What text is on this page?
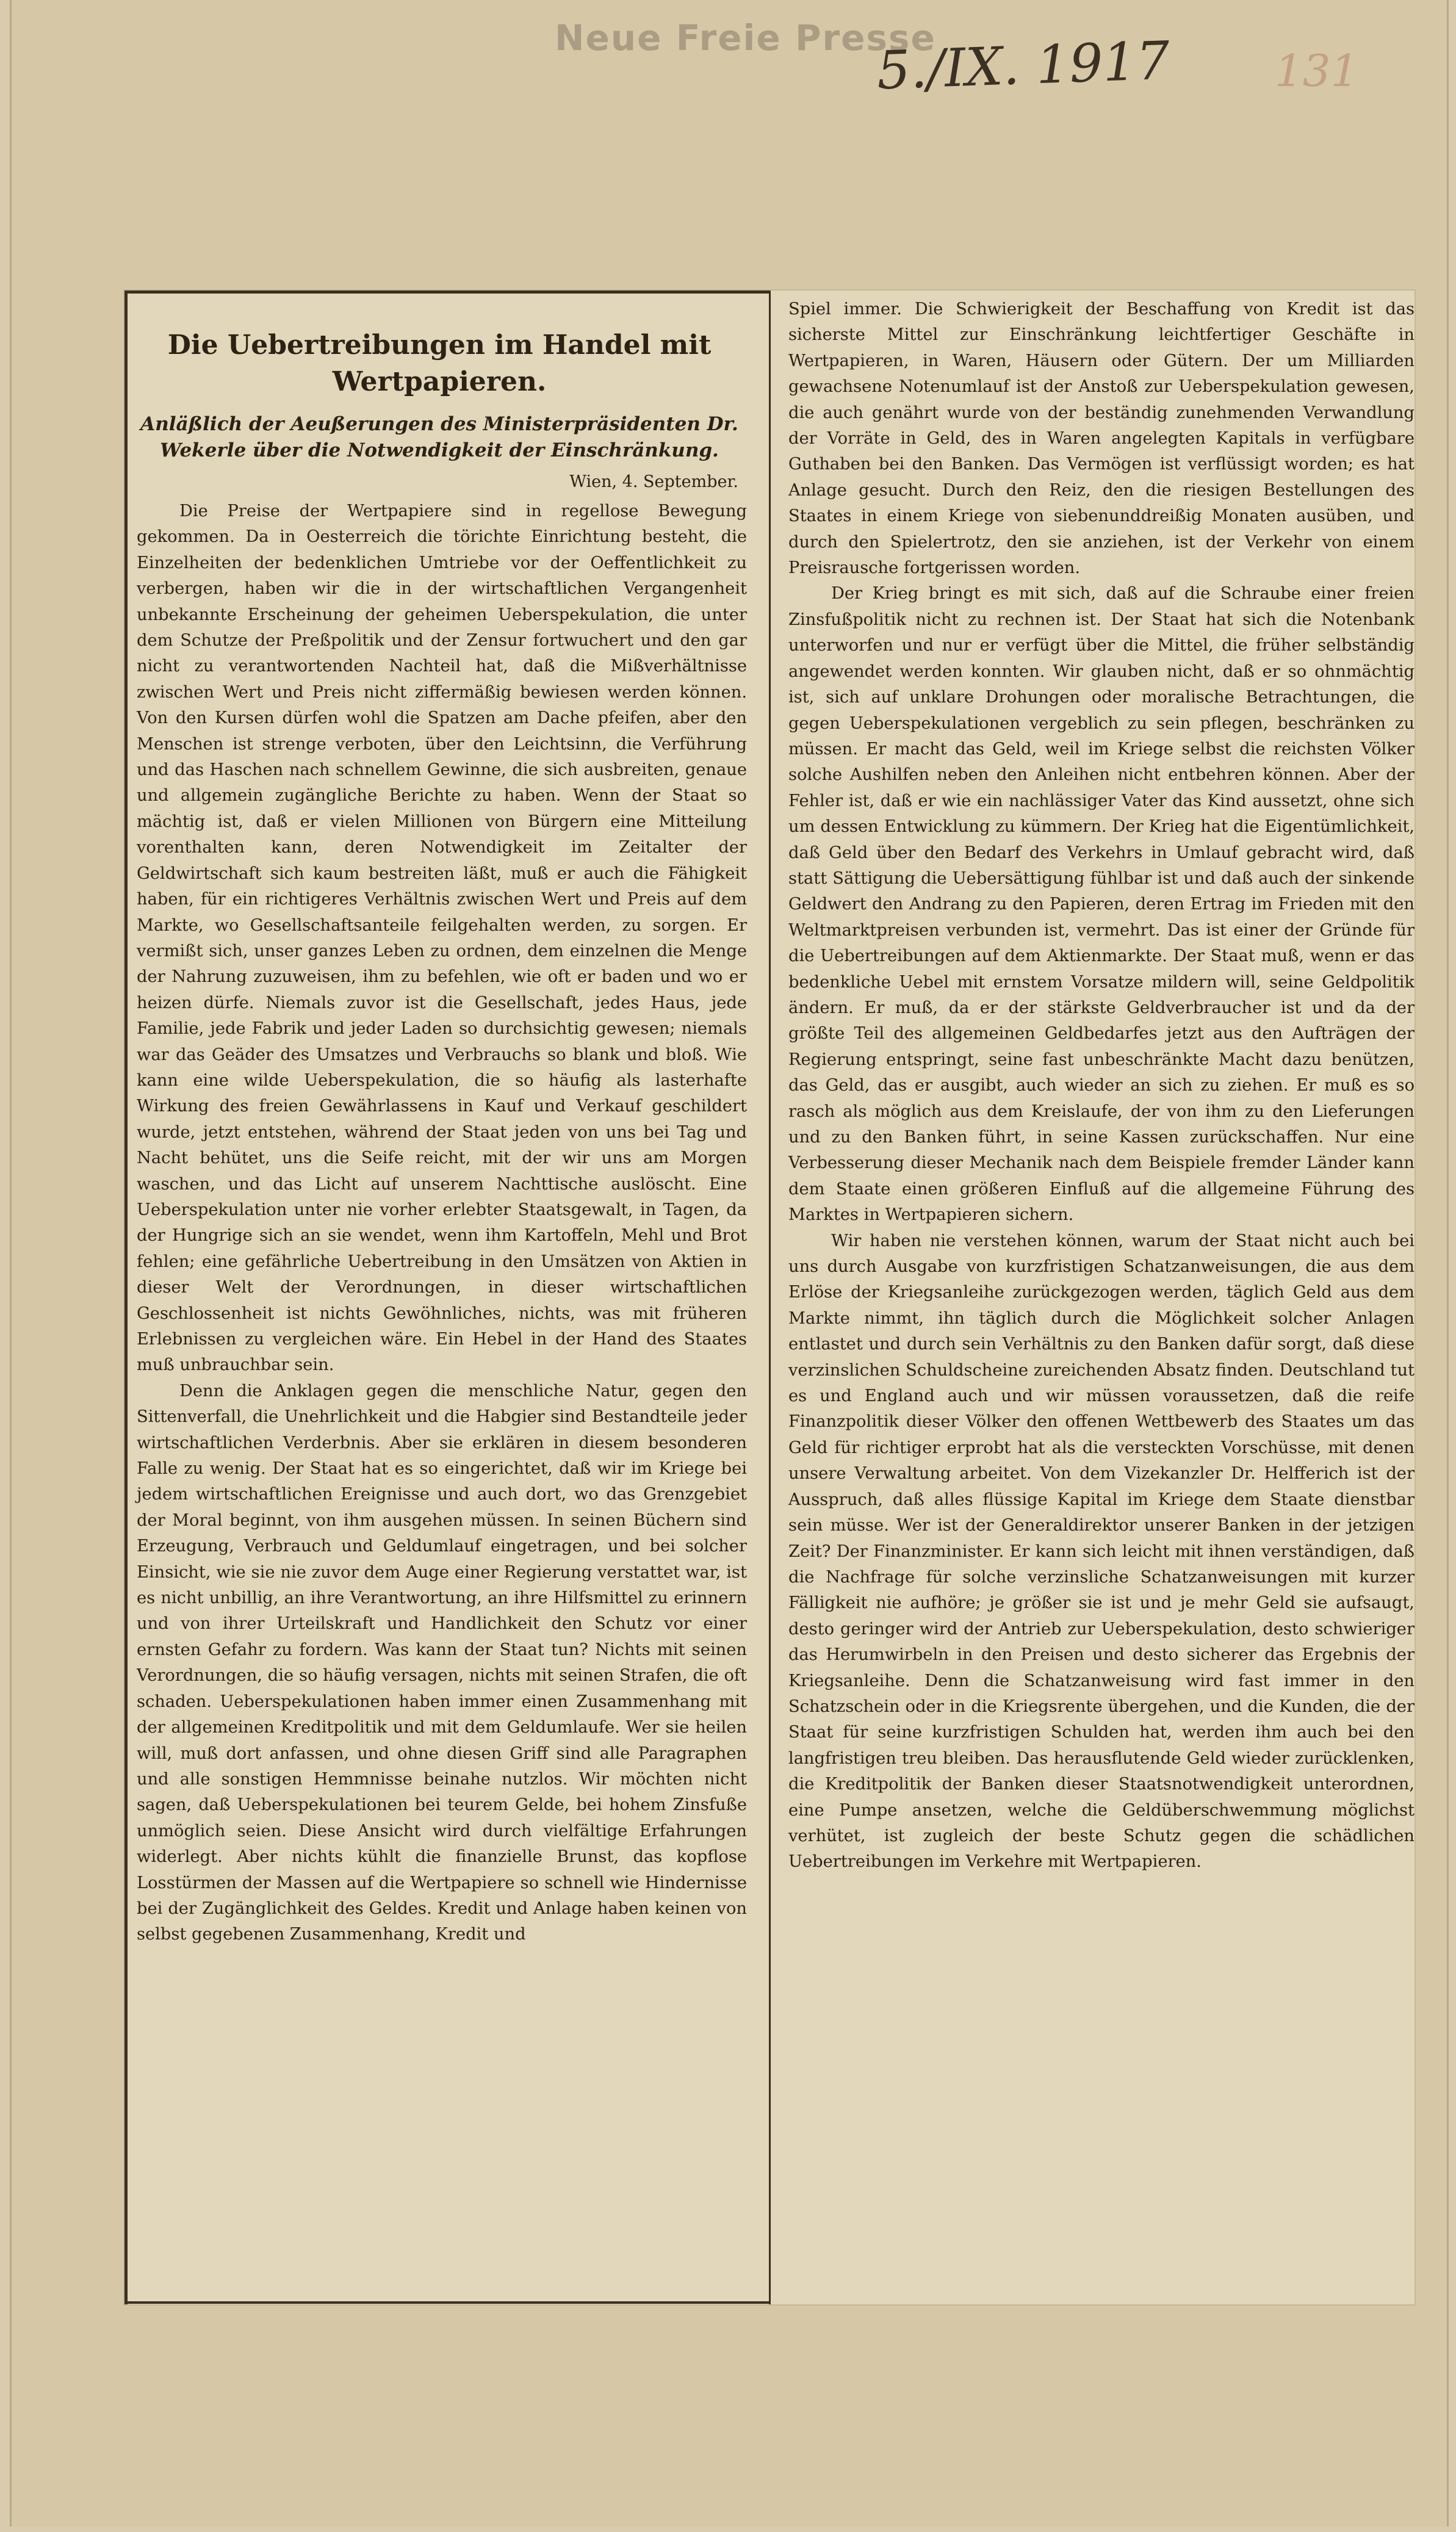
Neue Freie Presse
5./IX. 1917 131
Die Uebertreibungen im Handel mit Wertpapieren.
Anläßlich der Aeußerungen des Ministerpräsidenten Dr. Wekerle über die Notwendigkeit der Einschränkung.
Wien, 4. September.

Die Preise der Wertpapiere sind in regellose Bewegung gekommen. Da in Oesterreich die törichte Einrichtung besteht, die Einzelheiten der bedenklichen Umtriebe vor der Oeffentlichkeit zu verbergen, haben wir die in der wirtschaftlichen Vergangenheit unbekannte Erscheinung der geheimen Ueberspekulation, die unter dem Schutze der Preßpolitik und der Zensur fortwuchert und den gar nicht zu verantwortenden Nachteil hat, daß die Mißverhältnisse zwischen Wert und Preis nicht ziffermäßig bewiesen werden können. Von den Kursen dürfen wohl die Spatzen am Dache pfeifen, aber den Menschen ist strenge verboten, über den Leichtsinn, die Verführung und das Haschen nach schnellem Gewinne, die sich ausbreiten, genaue und allgemein zugängliche Berichte zu haben. Wenn der Staat so mächtig ist, daß er vielen Millionen von Bürgern eine Mitteilung vorenthalten kann, deren Notwendigkeit im Zeitalter der Geldwirtschaft sich kaum bestreiten läßt, muß er auch die Fähigkeit haben, für ein richtigeres Verhältnis zwischen Wert und Preis auf dem Markte, wo Gesellschaftsanteile feilgehalten werden, zu sorgen. Er vermißt sich, unser ganzes Leben zu ordnen, dem einzelnen die Menge der Nahrung zuzuweisen, ihm zu befehlen, wie oft er baden und wo er heizen dürfe. Niemals zuvor ist die Gesellschaft, jedes Haus, jede Familie, jede Fabrik und jeder Laden so durchsichtig gewesen; niemals war das Geäder des Umsatzes und Verbrauchs so blank und bloß. Wie kann eine wilde Ueberspekulation, die so häufig als lasterhafte Wirkung des freien Gewährlassens in Kauf und Verkauf geschildert wurde, jetzt entstehen, während der Staat jeden von uns bei Tag und Nacht behütet, uns die Seife reicht, mit der wir uns am Morgen waschen, und das Licht auf unserem Nachttische auslöscht. Eine Ueberspekulation unter nie vorher erlebter Staatsgewalt, in Tagen, da der Hungrige sich an sie wendet, wenn ihm Kartoffeln, Mehl und Brot fehlen; eine gefährliche Uebertreibung in den Umsätzen von Aktien in dieser Welt der Verordnungen, in dieser wirtschaftlichen Geschlossenheit ist nichts Gewöhnliches, nichts, was mit früheren Erlebnissen zu vergleichen wäre. Ein Hebel in der Hand des Staates muß unbrauchbar sein.

Denn die Anklagen gegen die menschliche Natur, gegen den Sittenverfall, die Unehrlichkeit und die Habgier sind Bestandteile jeder wirtschaftlichen Verderbnis. Aber sie erklären in diesem besonderen Falle zu wenig. Der Staat hat es so eingerichtet, daß wir im Kriege bei jedem wirtschaftlichen Ereignisse und auch dort, wo das Grenzgebiet der Moral beginnt, von ihm ausgehen müssen. In seinen Büchern sind Erzeugung, Verbrauch und Geldumlauf eingetragen, und bei solcher Einsicht, wie sie nie zuvor dem Auge einer Regierung verstattet war, ist es nicht unbillig, an ihre Verantwortung, an ihre Hilfsmittel zu erinnern und von ihrer Urteilskraft und Handlichkeit den Schutz vor einer ernsten Gefahr zu fordern. Was kann der Staat tun? Nichts mit seinen Verordnungen, die so häufig versagen, nichts mit seinen Strafen, die oft schaden. Ueberspekulationen haben immer einen Zusammenhang mit der allgemeinen Kreditpolitik und mit dem Geldumlaufe. Wer sie heilen will, muß dort anfassen, und ohne diesen Griff sind alle Paragraphen und alle sonstigen Hemmnisse beinahe nutzlos. Wir möchten nicht sagen, daß Ueberspekulationen bei teurem Gelde, bei hohem Zinsfuße unmöglich seien. Diese Ansicht wird durch vielfältige Erfahrungen widerlegt. Aber nichts kühlt die finanzielle Brunst, das kopflose Losstürmen der Massen auf die Wertpapiere so schnell wie Hindernisse bei der Zugänglichkeit des Geldes. Kredit und Anlage haben keinen von selbst gegebenen Zusammenhang, Kredit und

Spiel immer. Die Schwierigkeit der Beschaffung von Kredit ist das sicherste Mittel zur Einschränkung leichtfertiger Geschäfte in Wertpapieren, in Waren, Häusern oder Gütern. Der um Milliarden gewachsene Notenumlauf ist der Anstoß zur Ueberspekulation gewesen, die auch genährt wurde von der beständig zunehmenden Verwandlung der Vorräte in Geld, des in Waren angelegten Kapitals in verfügbare Guthaben bei den Banken. Das Vermögen ist verflüssigt worden; es hat Anlage gesucht. Durch den Reiz, den die riesigen Bestellungen des Staates in einem Kriege von siebenunddreißig Monaten ausüben, und durch den Spielertrotz, den sie anziehen, ist der Verkehr von einem Preisrausche fortgerissen worden.

Der Krieg bringt es mit sich, daß auf die Schraube einer freien Zinsfußpolitik nicht zu rechnen ist. Der Staat hat sich die Notenbank unterworfen und nur er verfügt über die Mittel, die früher selbständig angewendet werden konnten. Wir glauben nicht, daß er so ohnmächtig ist, sich auf unklare Drohungen oder moralische Betrachtungen, die gegen Ueberspekulationen vergeblich zu sein pflegen, beschränken zu müssen. Er macht das Geld, weil im Kriege selbst die reichsten Völker solche Aushilfen neben den Anleihen nicht entbehren können. Aber der Fehler ist, daß er wie ein nachlässiger Vater das Kind aussetzt, ohne sich um dessen Entwicklung zu kümmern. Der Krieg hat die Eigentümlichkeit, daß Geld über den Bedarf des Verkehrs in Umlauf gebracht wird, daß statt Sättigung die Uebersättigung fühlbar ist und daß auch der sinkende Geldwert den Andrang zu den Papieren, deren Ertrag im Frieden mit den Weltmarktpreisen verbunden ist, vermehrt. Das ist einer der Gründe für die Uebertreibungen auf dem Aktienmarkte. Der Staat muß, wenn er das bedenkliche Uebel mit ernstem Vorsatze mildern will, seine Geldpolitik ändern. Er muß, da er der stärkste Geldverbraucher ist und da der größte Teil des allgemeinen Geldbedarfes jetzt aus den Aufträgen der Regierung entspringt, seine fast unbeschränkte Macht dazu benützen, das Geld, das er ausgibt, auch wieder an sich zu ziehen. Er muß es so rasch als möglich aus dem Kreislaufe, der von ihm zu den Lieferungen und zu den Banken führt, in seine Kassen zurückschaffen. Nur eine Verbesserung dieser Mechanik nach dem Beispiele fremder Länder kann dem Staate einen größeren Einfluß auf die allgemeine Führung des Marktes in Wertpapieren sichern.

Wir haben nie verstehen können, warum der Staat nicht auch bei uns durch Ausgabe von kurzfristigen Schatzanweisungen, die aus dem Erlöse der Kriegsanleihe zurückgezogen werden, täglich Geld aus dem Markte nimmt, ihn täglich durch die Möglichkeit solcher Anlagen entlastet und durch sein Verhältnis zu den Banken dafür sorgt, daß diese verzinslichen Schuldscheine zureichenden Absatz finden. Deutschland tut es und England auch und wir müssen voraussetzen, daß die reife Finanzpolitik dieser Völker den offenen Wettbewerb des Staates um das Geld für richtiger erprobt hat als die versteckten Vorschüsse, mit denen unsere Verwaltung arbeitet. Von dem Vizekanzler Dr. Helfferich ist der Ausspruch, daß alles flüssige Kapital im Kriege dem Staate dienstbar sein müsse. Wer ist der Generaldirektor unserer Banken in der jetzigen Zeit? Der Finanzminister. Er kann sich leicht mit ihnen verständigen, daß die Nachfrage für solche verzinsliche Schatzanweisungen mit kurzer Fälligkeit nie aufhöre; je größer sie ist und je mehr Geld sie aufsaugt, desto geringer wird der Antrieb zur Ueberspekulation, desto schwieriger das Herumwirbeln in den Preisen und desto sicherer das Ergebnis der Kriegsanleihe. Denn die Schatzanweisung wird fast immer in den Schatzschein oder in die Kriegsrente übergehen, und die Kunden, die der Staat für seine kurzfristigen Schulden hat, werden ihm auch bei den langfristigen treu bleiben. Das herausflutende Geld wieder zurücklenken, die Kreditpolitik der Banken dieser Staatsnotwendigkeit unterordnen, eine Pumpe ansetzen, welche die Geldüberschwemmung möglichst verhütet, ist zugleich der beste Schutz gegen die schädlichen Uebertreibungen im Verkehre mit Wertpapieren.
